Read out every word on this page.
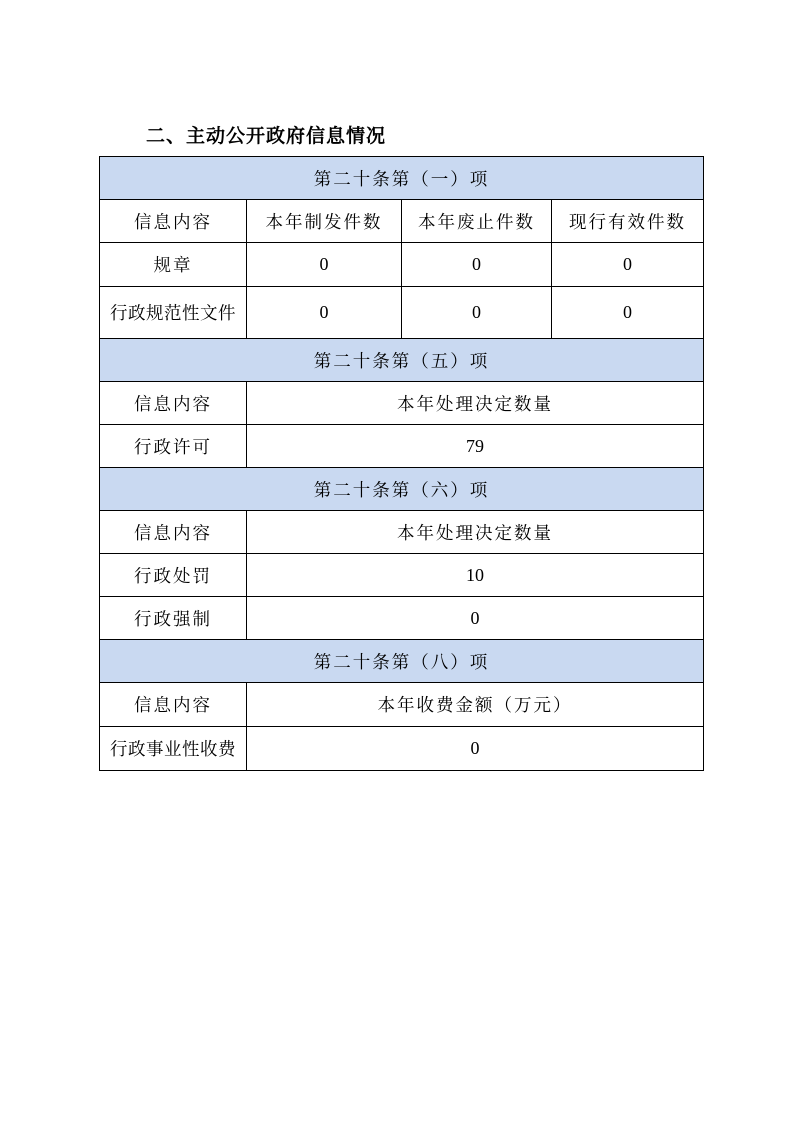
二、主动公开政府信息情况
第二十条第（一）项			
信息内容	本年制发件数	本年废止件数	现行有效件数
规章	0	0	0
行政规范性文件	0	0	0
第二十条第（五）项			
信息内容	本年处理决定数量		
行政许可	79		
第二十条第（六）项			
信息内容	本年处理决定数量		
行政处罚	10		
行政强制	0		
第二十条第（八）项			
信息内容	本年收费金额（万元）		
行政事业性收费	0		
